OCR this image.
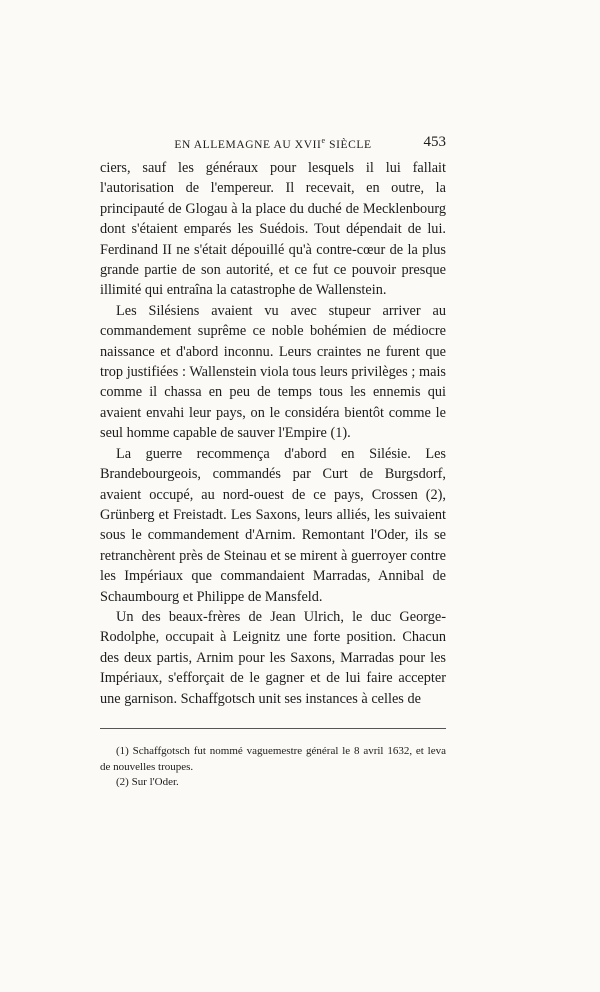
EN ALLEMAGNE AU XVIIe SIÈCLE	453

ciers, sauf les généraux pour lesquels il lui fallait l'autorisation de l'empereur. Il recevait, en outre, la principauté de Glogau à la place du duché de Mecklenbourg dont s'étaient emparés les Suédois. Tout dépendait de lui. Ferdinand II ne s'était dépouillé qu'à contre-cœur de la plus grande partie de son autorité, et ce fut ce pouvoir presque illimité qui entraîna la catastrophe de Wallenstein.

Les Silésiens avaient vu avec stupeur arriver au commandement suprême ce noble bohémien de médiocre naissance et d'abord inconnu. Leurs craintes ne furent que trop justifiées : Wallenstein viola tous leurs privilèges ; mais comme il chassa en peu de temps tous les ennemis qui avaient envahi leur pays, on le considéra bientôt comme le seul homme capable de sauver l'Empire (1).

La guerre recommença d'abord en Silésie. Les Brandebourgeois, commandés par Curt de Burgsdorf, avaient occupé, au nord-ouest de ce pays, Crossen (2), Grünberg et Freistadt. Les Saxons, leurs alliés, les suivaient sous le commandement d'Arnim. Remontant l'Oder, ils se retranchèrent près de Steinau et se mirent à guerroyer contre les Impériaux que commandaient Marradas, Annibal de Schaumbourg et Philippe de Mansfeld.

Un des beaux-frères de Jean Ulrich, le duc George-Rodolphe, occupait à Leignitz une forte position. Chacun des deux partis, Arnim pour les Saxons, Marradas pour les Impériaux, s'efforçait de le gagner et de lui faire accepter une garnison. Schaffgotsch unit ses instances à celles de

(1) Schaffgotsch fut nommé vaguemestre général le 8 avril 1632, et leva de nouvelles troupes.

(2) Sur l'Oder.
